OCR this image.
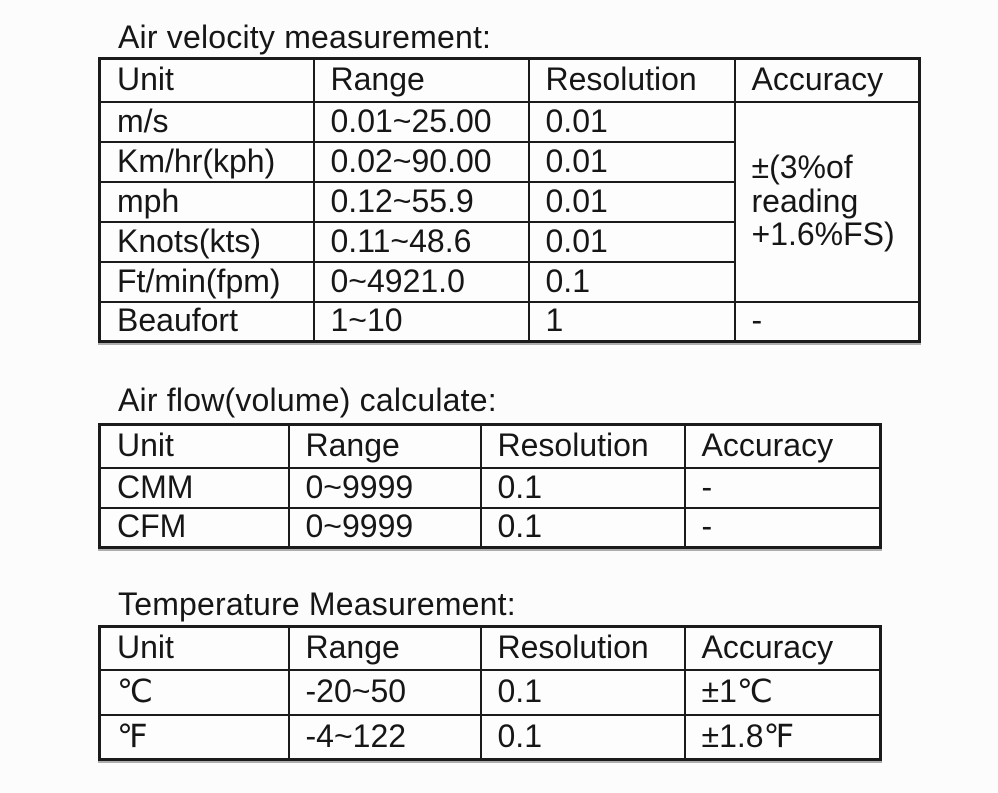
Air velocity measurement:
Unit	Range	Resolution	Accuracy
m/s	0.01~25.00	0.01	±(3%of reading +1.6%FS)
Km/hr(kph)	0.02~90.00	0.01	
mph	0.12~55.9	0.01	
Knots(kts)	0.11~48.6	0.01	
Ft/min(fpm)	0~4921.0	0.1	
Beaufort	1~10	1	-
Air flow(volume) calculate:
Unit	Range	Resolution	Accuracy
CMM	0~9999	0.1	-
CFM	0~9999	0.1	-
Temperature Measurement:
Unit	Range	Resolution	Accuracy
℃	-20~50	0.1	±1℃
℉	-4~122	0.1	±1.8℉
